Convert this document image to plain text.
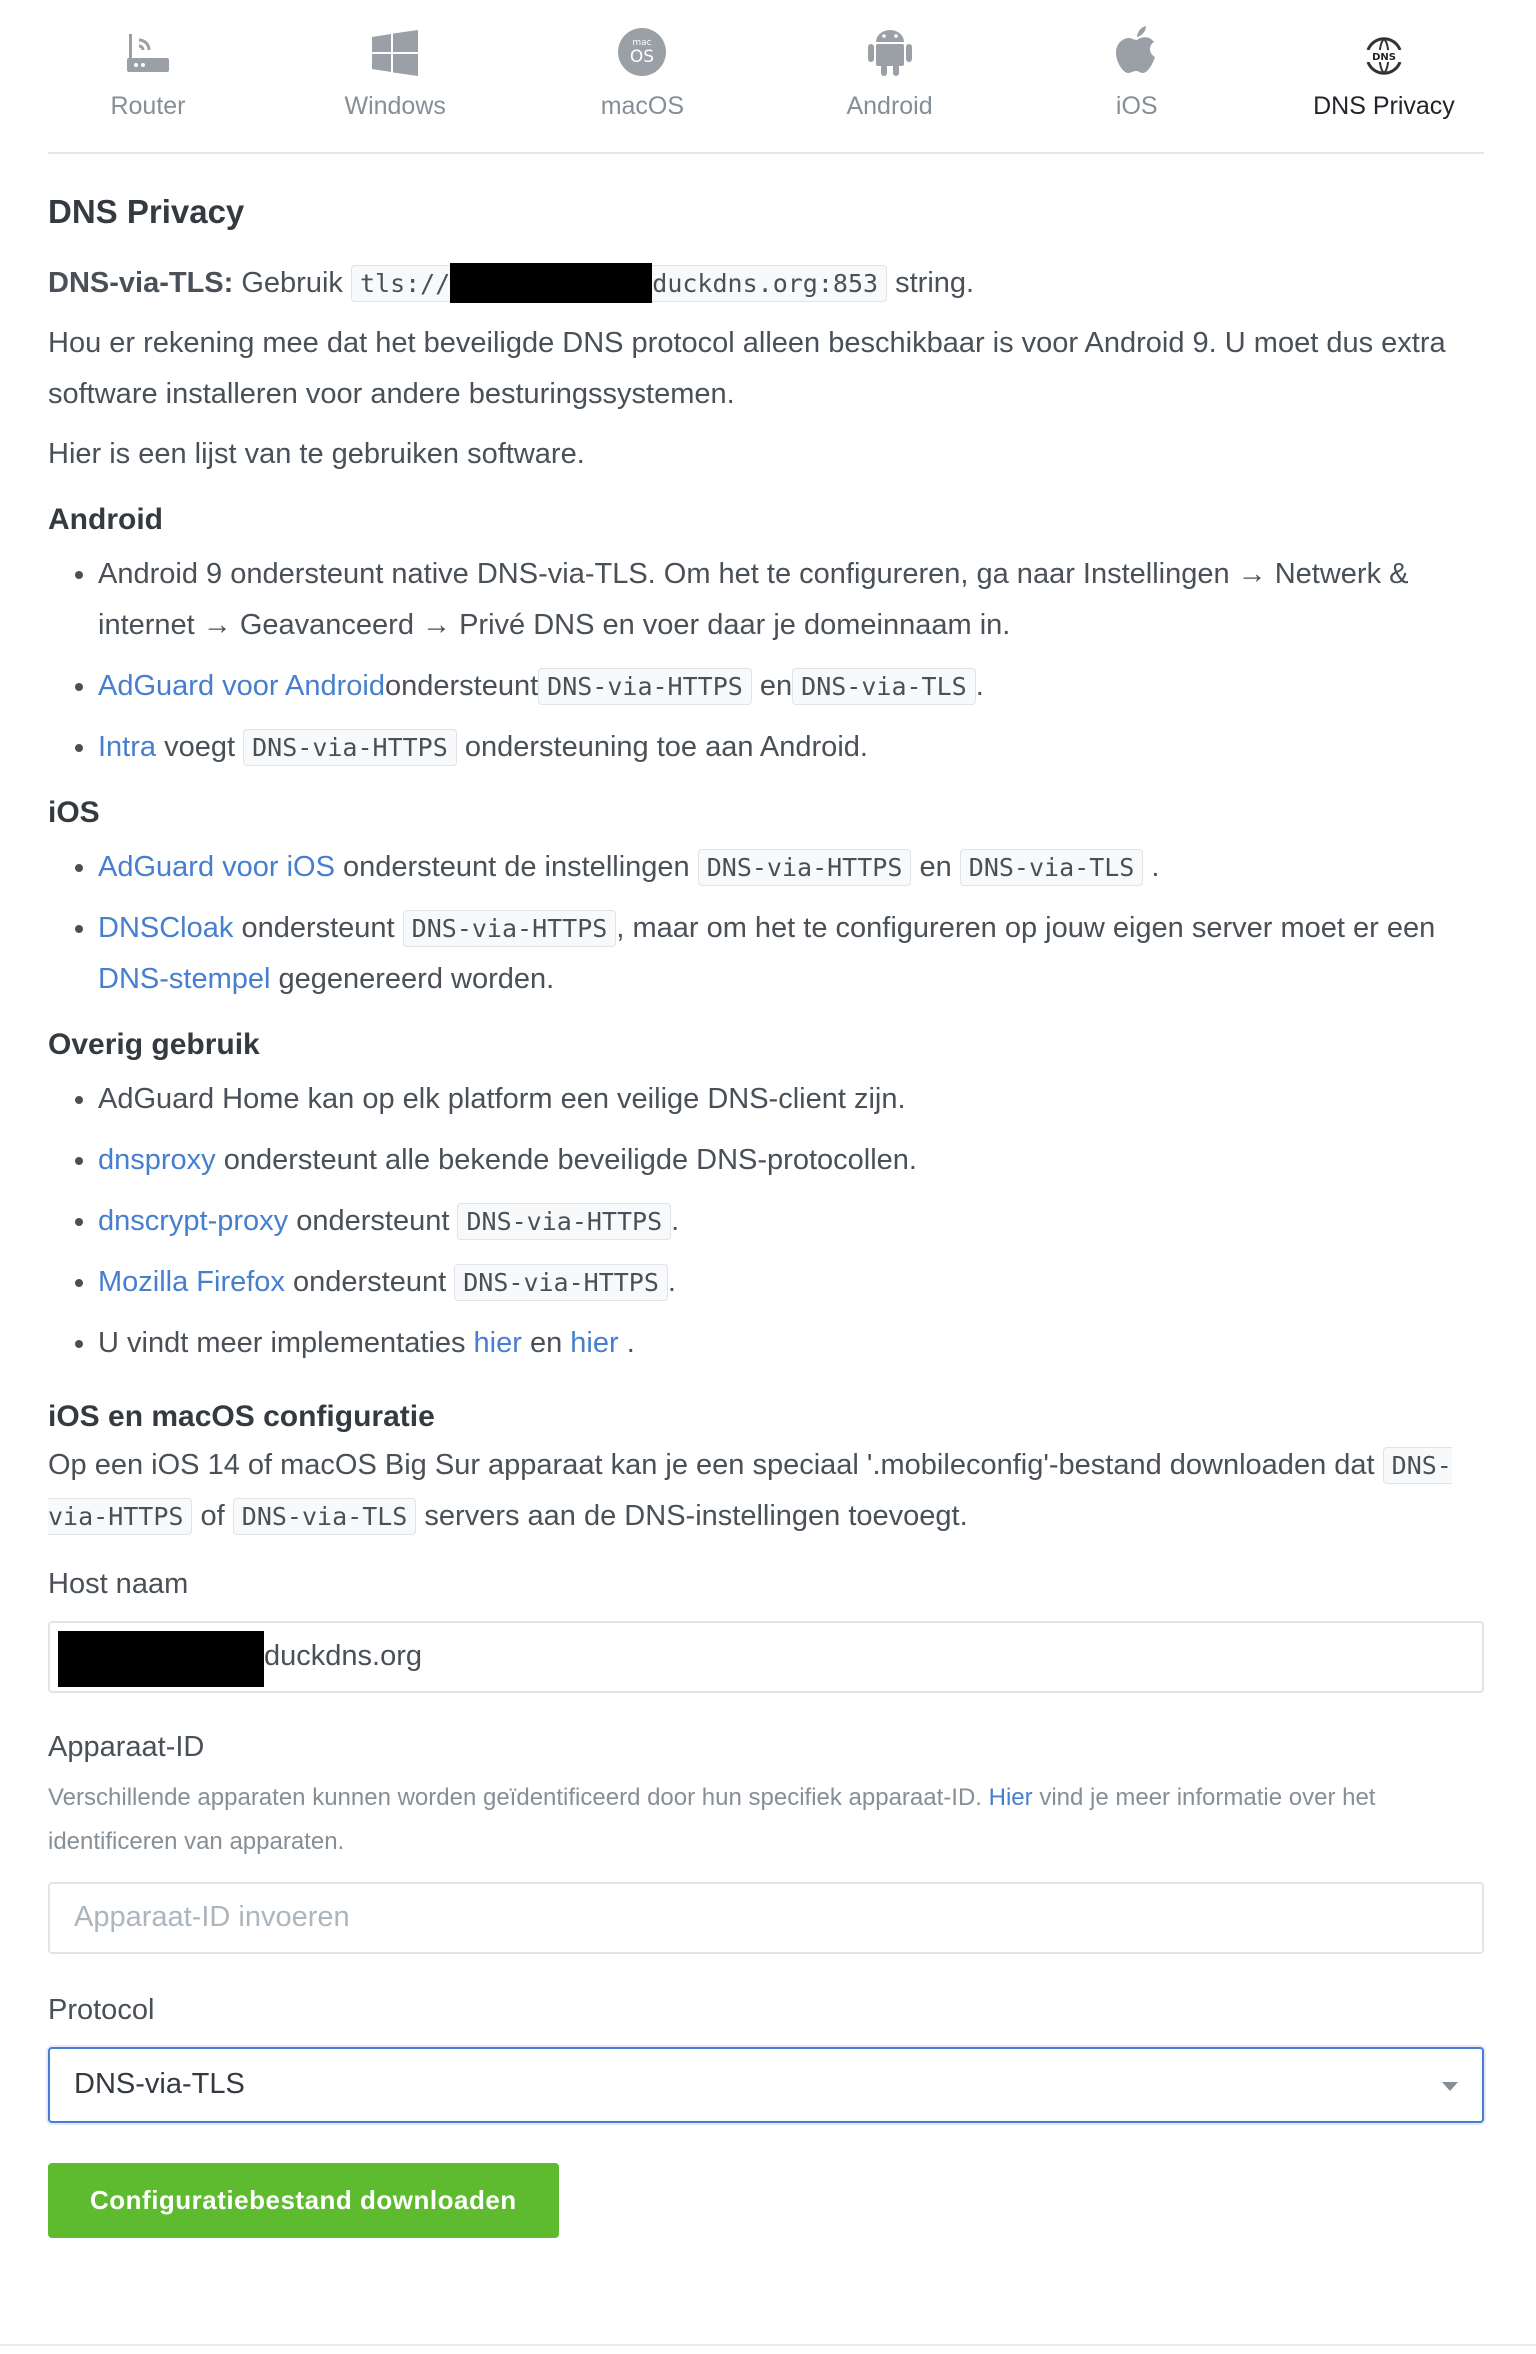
Router	Windows
mac
OS
macOS	Android	iOS
DNS
DNS Privacy
DNS Privacy

DNS-via-TLS: Gebruik tls://	duckdns.org:853 string.

Hou er rekening mee dat het beveiligde DNS protocol alleen beschikbaar is voor Android 9. U moet dus extra software installeren voor andere besturingssystemen.

Hier is een lijst van te gebruiken software.

Android
• Android 9 ondersteunt native DNS-via-TLS. Om het te configureren, ga naar Instellingen → Netwerk & internet → Geavanceerd → Privé DNS en voer daar je domeinnaam in.
• AdGuard voor Androidondersteunt DNS-via-HTTPS en DNS-via-TLS .
• Intra voegt DNS-via-HTTPS ondersteuning toe aan Android.
iOS
• AdGuard voor iOS ondersteunt de instellingen DNS-via-HTTPS en DNS-via-TLS .
• DNSCloak ondersteunt DNS-via-HTTPS , maar om het te configureren op jouw eigen server moet er een DNS-stempel gegenereerd worden.
Overig gebruik
• AdGuard Home kan op elk platform een veilige DNS-client zijn.
• dnsproxy ondersteunt alle bekende beveiligde DNS-protocollen.
• dnscrypt-proxy ondersteunt DNS-via-HTTPS .
• Mozilla Firefox ondersteunt DNS-via-HTTPS .
• U vindt meer implementaties hier en hier .
iOS en macOS configuratie

Op een iOS 14 of macOS Big Sur apparaat kan je een speciaal '.mobileconfig'-bestand downloaden dat DNS-via-HTTPS of DNS-via-TLS servers aan de DNS-instellingen toevoegt.

Host naam
duckdns.org
Apparaat-ID
Verschillende apparaten kunnen worden geïdentificeerd door hun specifiek apparaat-ID. Hier vind je meer informatie over het identificeren van apparaten.
Apparaat-ID invoeren
Protocol
DNS-via-TLS
Configuratiebestand downloaden
